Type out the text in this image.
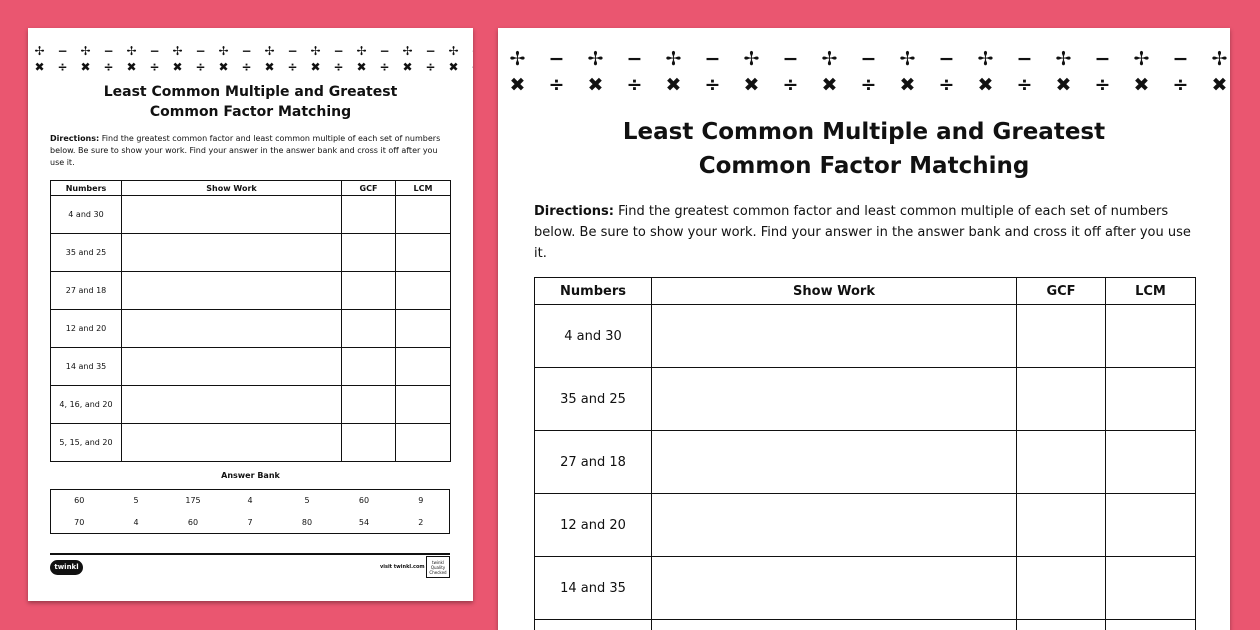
✢ − ✢ − ✢ − ✢ − ✢ − ✢ − ✢ − ✢ − ✢ − ✢
✖ ÷ ✖ ÷ ✖ ÷ ✖ ÷ ✖ ÷ ✖ ÷ ✖ ÷ ✖ ÷ ✖ ÷ ✖
Least Common Multiple and Greatest
Common Factor Matching
Directions: Find the greatest common factor and least common multiple of each set of numbers below. Be sure to show your work. Find your answer in the answer bank and cross it off after you use it.
Numbers	Show Work	GCF	LCM
4 and 30			
35 and 25			
27 and 18			
12 and 20			
14 and 35			
4, 16, and 20			
5, 15, and 20			
Answer Bank
60	5	175	4	5	60	9
70	4	60	7	80	54	2
twinkl	visit twinkl.com
twinkl Quality Checked
✢ − ✢ − ✢ − ✢ − ✢ − ✢ − ✢ − ✢ − ✢ − ✢
✖ ÷ ✖ ÷ ✖ ÷ ✖ ÷ ✖ ÷ ✖ ÷ ✖ ÷ ✖ ÷ ✖ ÷ ✖
Least Common Multiple and Greatest
Common Factor Matching
Directions: Find the greatest common factor and least common multiple of each set of numbers below. Be sure to show your work. Find your answer in the answer bank and cross it off after you use it.
Numbers	Show Work	GCF	LCM
4 and 30			
35 and 25			
27 and 18			
12 and 20			
14 and 35			
